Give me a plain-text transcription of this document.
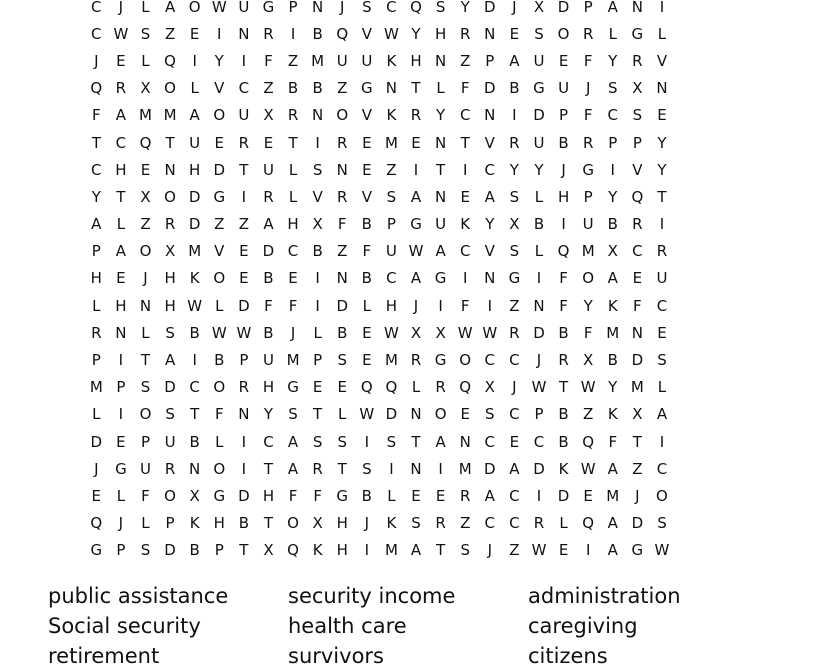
C	J	L	A O W U G P N	J	S C Q S	Y D	J	X D P A N	I
C W S Z E	I	N R	I	B Q V W Y H R N E	S O R	L G L
J	E	L Q	I	Y	I	F	Z M U U K H N Z P A U E	F	Y R V
Q R X O L	V C Z B B Z G N T	L	F D B G U	J	S X N
F	A M M A O U X R N O V K R Y C N	I	D P	F	C S	E
T C Q T U E R E	T	I	R E M E N T V R U B R P	P	Y
C H E N H D T U L	S N E Z	I	T	I	C Y	Y	J	G	I	V Y
Y	T X O D G	I	R	L	V R V S A N E A S	L H P	Y Q T
A	L	Z R D Z Z A H X	F	B P G U K	Y X B	I	U B R	I
P A O X M V E D C B Z	F U W A C V S	L Q M X C R
H E	J	H K O E B E	I	N B C A G	I	N G	I	F O A E U
L H N H W L D F	F	I	D L H	J	I	F	I	Z N F	Y	K	F	C
R N L	S B W W B	J	L	B E W X X W W R D B	F M N E
P	I	T A	I	B P U M P	S	E M R G O C C	J	R X B D S
M P	S D C O R H G E	E Q Q L	R Q X	J W T W Y M L
L	I	O S	T	F N Y	S	T	L W D N O E	S C P B Z K X A
D E	P U B	L	I	C A S	S	I	S	T A N C E C B Q F	T	I
J	G U R N O	I	T A R T	S	I	N	I	M D A D K W A Z C
E	L	F O X G D H F	F G B	L	E	E R A C	I	D E M	J	O
Q	J	L	P	K H B T O X H	J	K S R Z C C R	L Q A D S
G P	S D B P	T X Q K H	I	M A T	S	J	Z W E	I	A G W
public assistance	security income	administration
Social security	health care	caregiving
retirement	survivors	citizens
